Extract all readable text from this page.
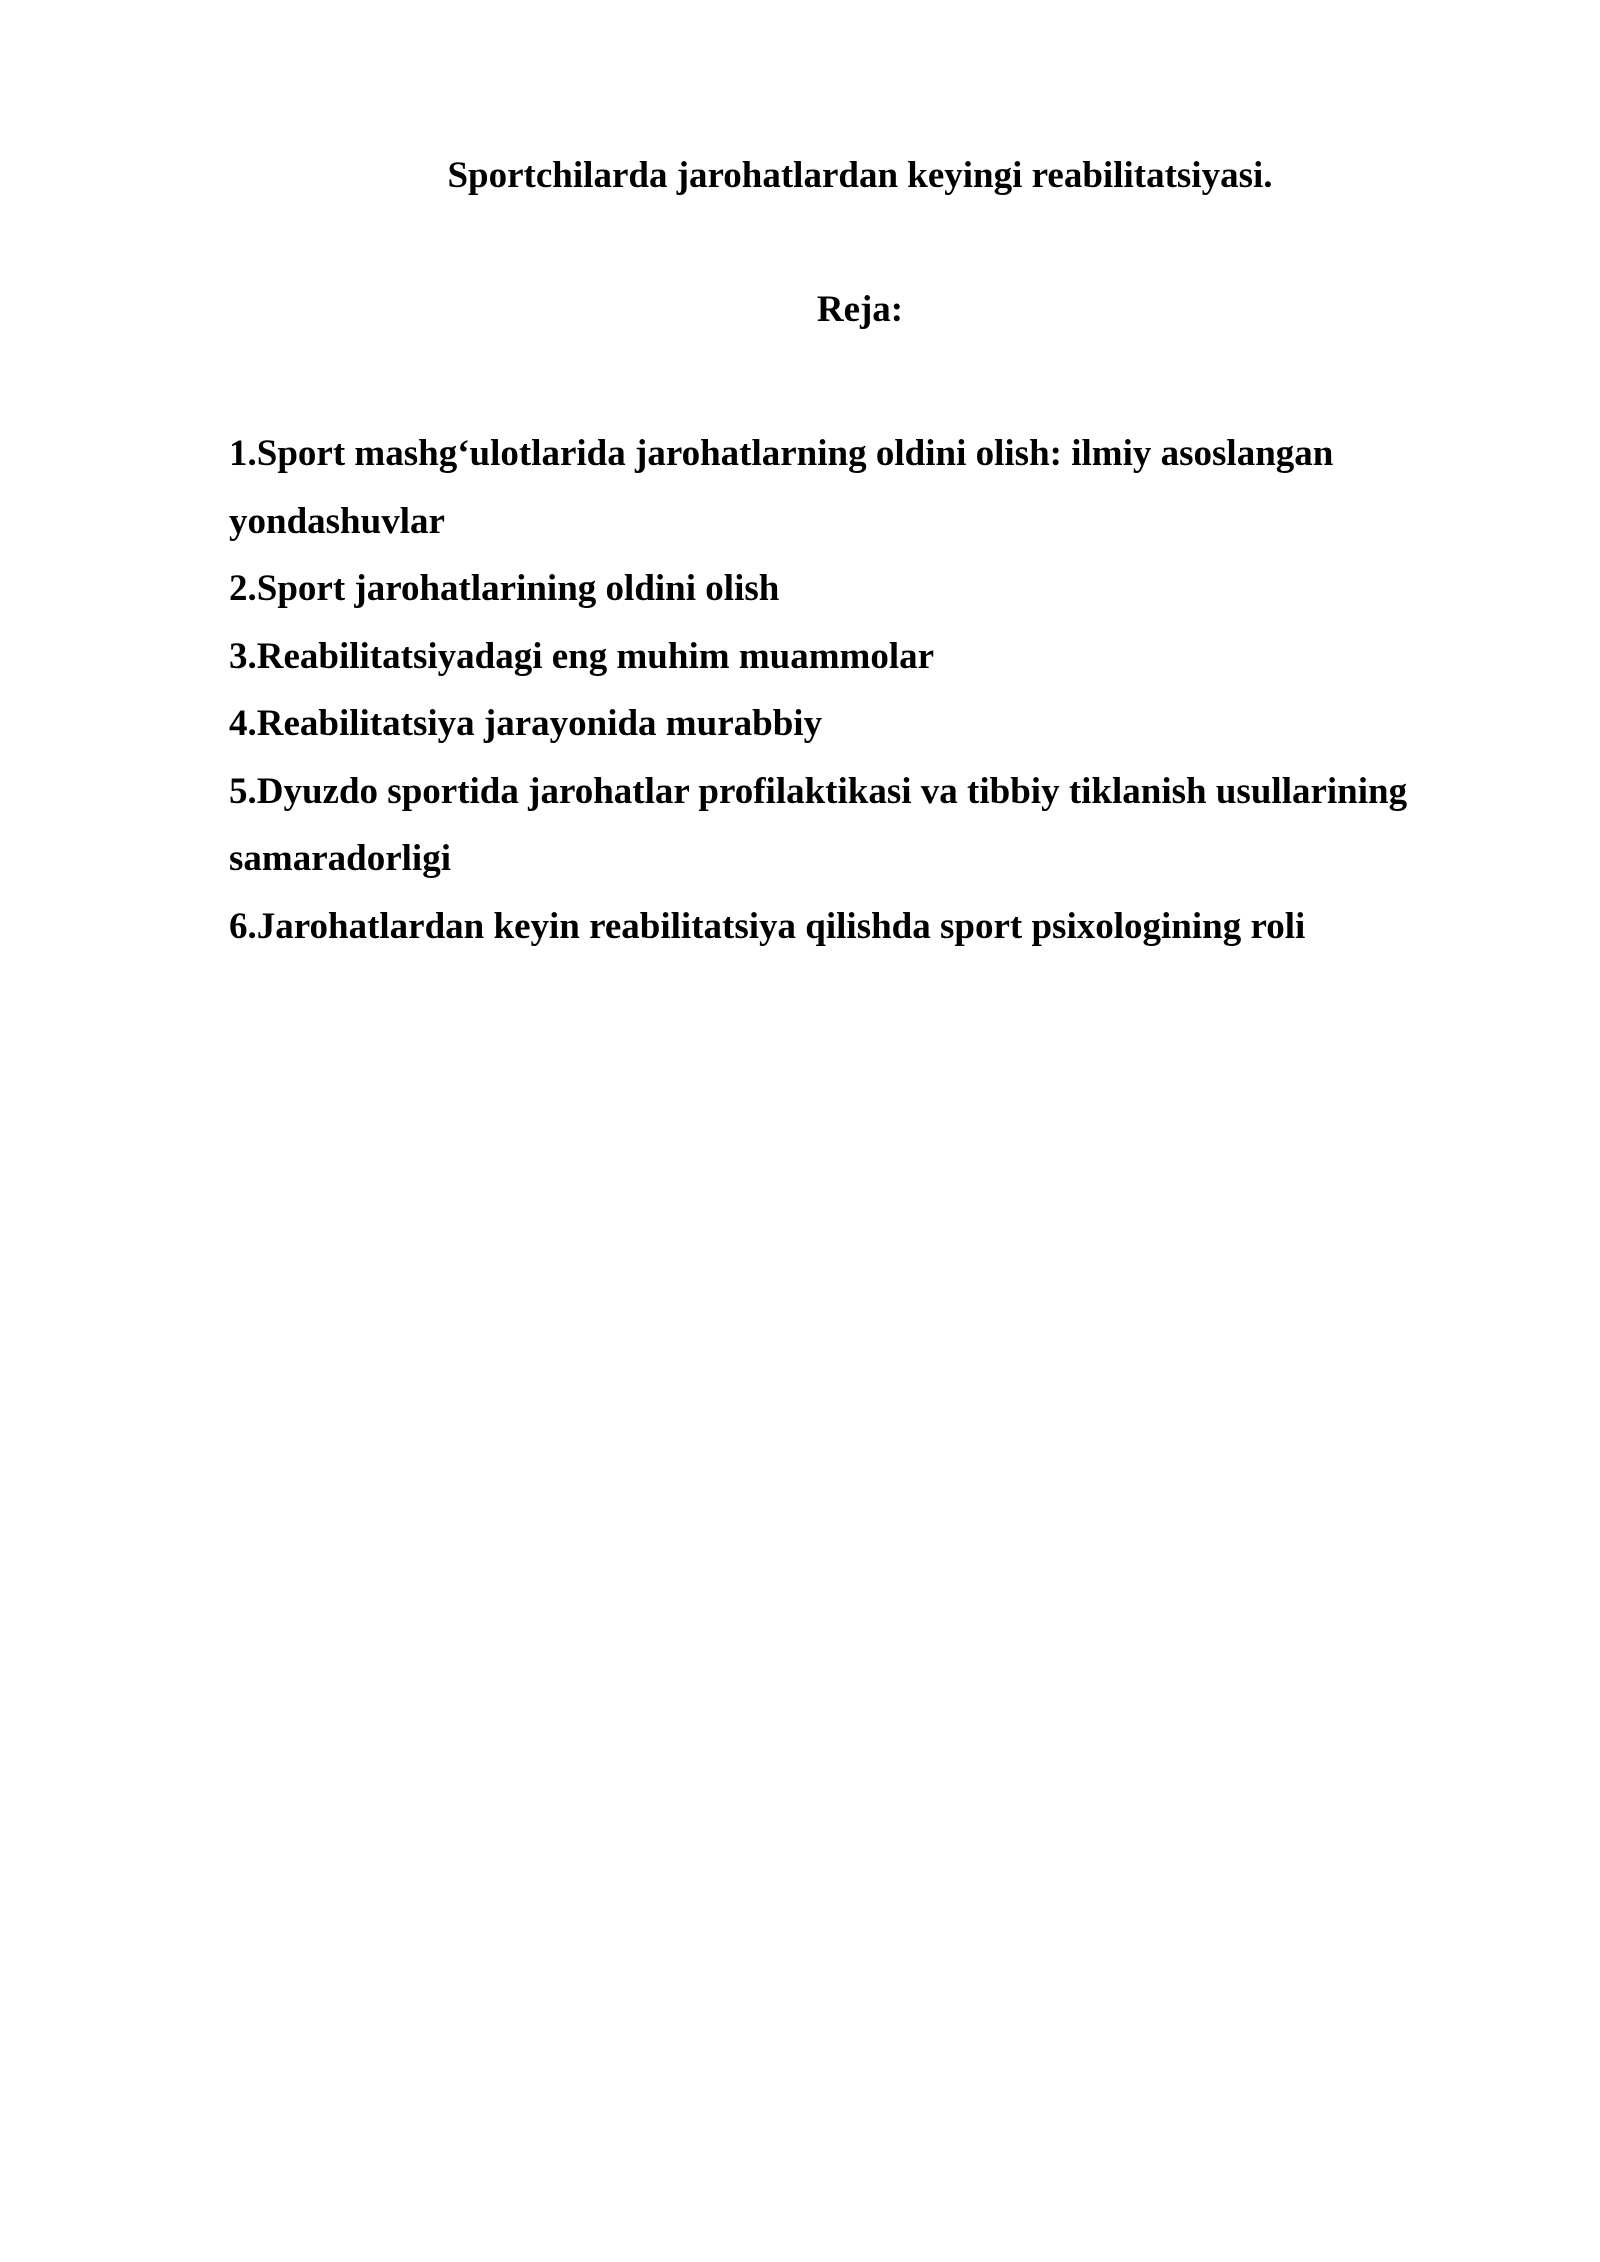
Sportchilarda jarohatlardan keyingi reabilitatsiyasi.
Reja:
1.Sport mashg‘ulotlarida jarohatlarning oldini olish: ilmiy asoslangan
yondashuvlar
2.Sport jarohatlarining oldini olish
3.Reabilitatsiyadagi eng muhim muammolar
4.Reabilitatsiya jarayonida murabbiy
5.Dyuzdo sportida jarohatlar profilaktikasi va tibbiy tiklanish usullarining
samaradorligi
6.Jarohatlardan keyin reabilitatsiya qilishda sport psixologining roli
